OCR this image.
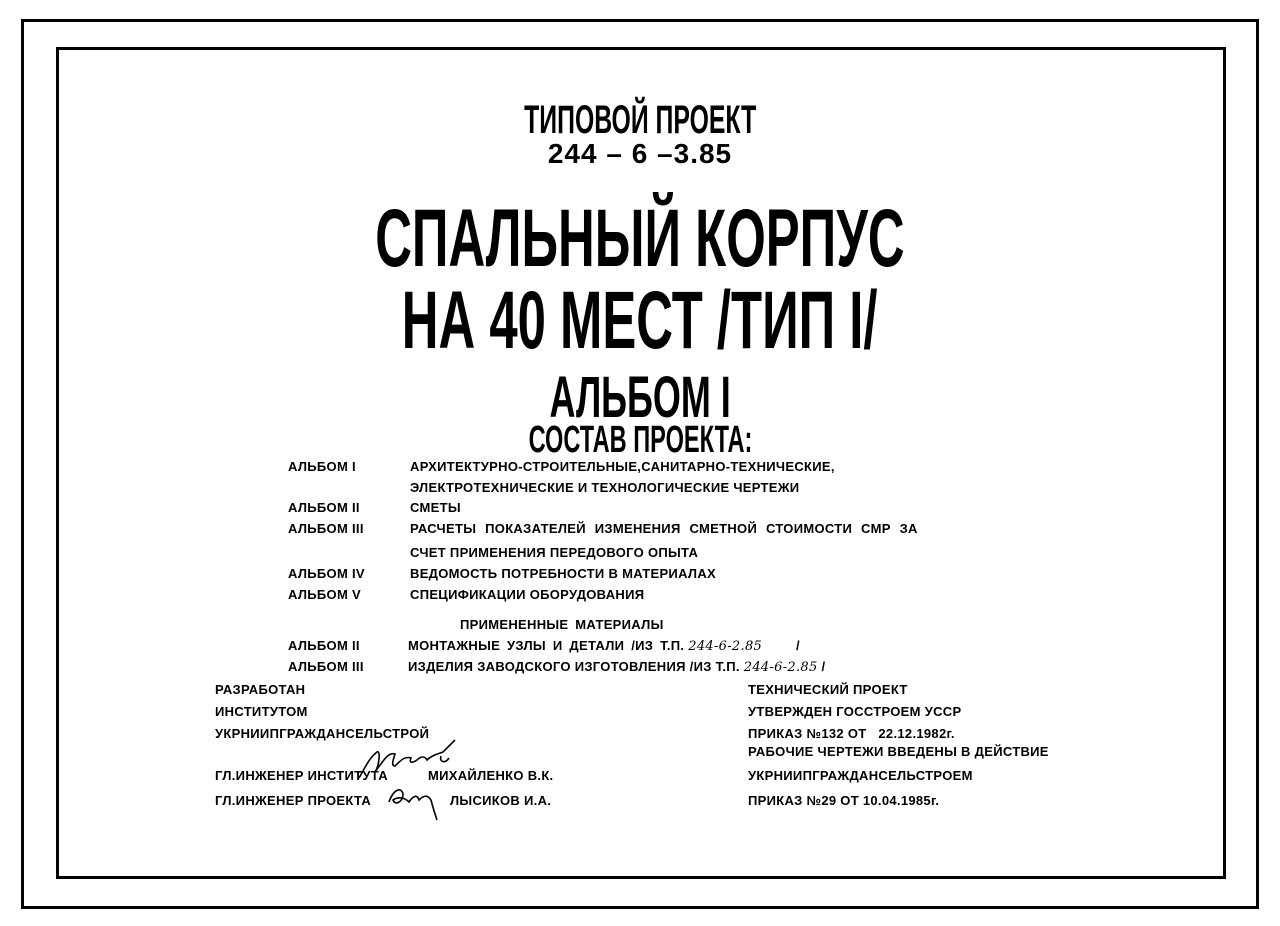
ТИПОВОЙ ПРОЕКТ
244 – 6 –3.85
СПАЛЬНЫЙ КОРПУС
НА 40 МЕСТ /ТИП I/
АЛЬБОМ I
СОСТАВ ПРОЕКТА:
АЛЬБОМ I	АРХИТЕКТУРНО-СТРОИТЕЛЬНЫЕ,САНИТАРНО-ТЕХНИЧЕСКИЕ,
ЭЛЕКТРОТЕХНИЧЕСКИЕ И ТЕХНОЛОГИЧЕСКИЕ ЧЕРТЕЖИ
АЛЬБОМ II	СМЕТЫ
АЛЬБОМ III	РАСЧЕТЫ ПОКАЗАТЕЛЕЙ ИЗМЕНЕНИЯ СМЕТНОЙ СТОИМОСТИ СМР ЗА
СЧЕТ ПРИМЕНЕНИЯ ПЕРЕДОВОГО ОПЫТА
АЛЬБОМ IV	ВЕДОМОСТЬ ПОТРЕБНОСТИ В МАТЕРИАЛАХ
АЛЬБОМ V	СПЕЦИФИКАЦИИ ОБОРУДОВАНИЯ
ПРИМЕНЕННЫЕ МАТЕРИАЛЫ
АЛЬБОМ II	МОНТАЖНЫЕ УЗЛЫ И ДЕТАЛИ /ИЗ Т.П. 244-6-2.85	/
АЛЬБОМ III	ИЗДЕЛИЯ ЗАВОДСКОГО ИЗГОТОВЛЕНИЯ /ИЗ Т.П. 244-6-2.85 /
РАЗРАБОТАН
ИНСТИТУТОМ
УКРНИИПГРАЖДАНСЕЛЬСТРОЙ
ГЛ.ИНЖЕНЕР ИНСТИТУТА	МИХАЙЛЕНКО В.К.
ГЛ.ИНЖЕНЕР ПРОЕКТА	ЛЫСИКОВ И.А.
ТЕХНИЧЕСКИЙ ПРОЕКТ
УТВЕРЖДЕН ГОССТРОЕМ УССР
ПРИКАЗ №132 ОТ 22.12.1982г.
РАБОЧИЕ ЧЕРТЕЖИ ВВЕДЕНЫ В ДЕЙСТВИЕ
УКРНИИПГРАЖДАНСЕЛЬСТРОЕМ
ПРИКАЗ №29 ОТ 10.04.1985г.
